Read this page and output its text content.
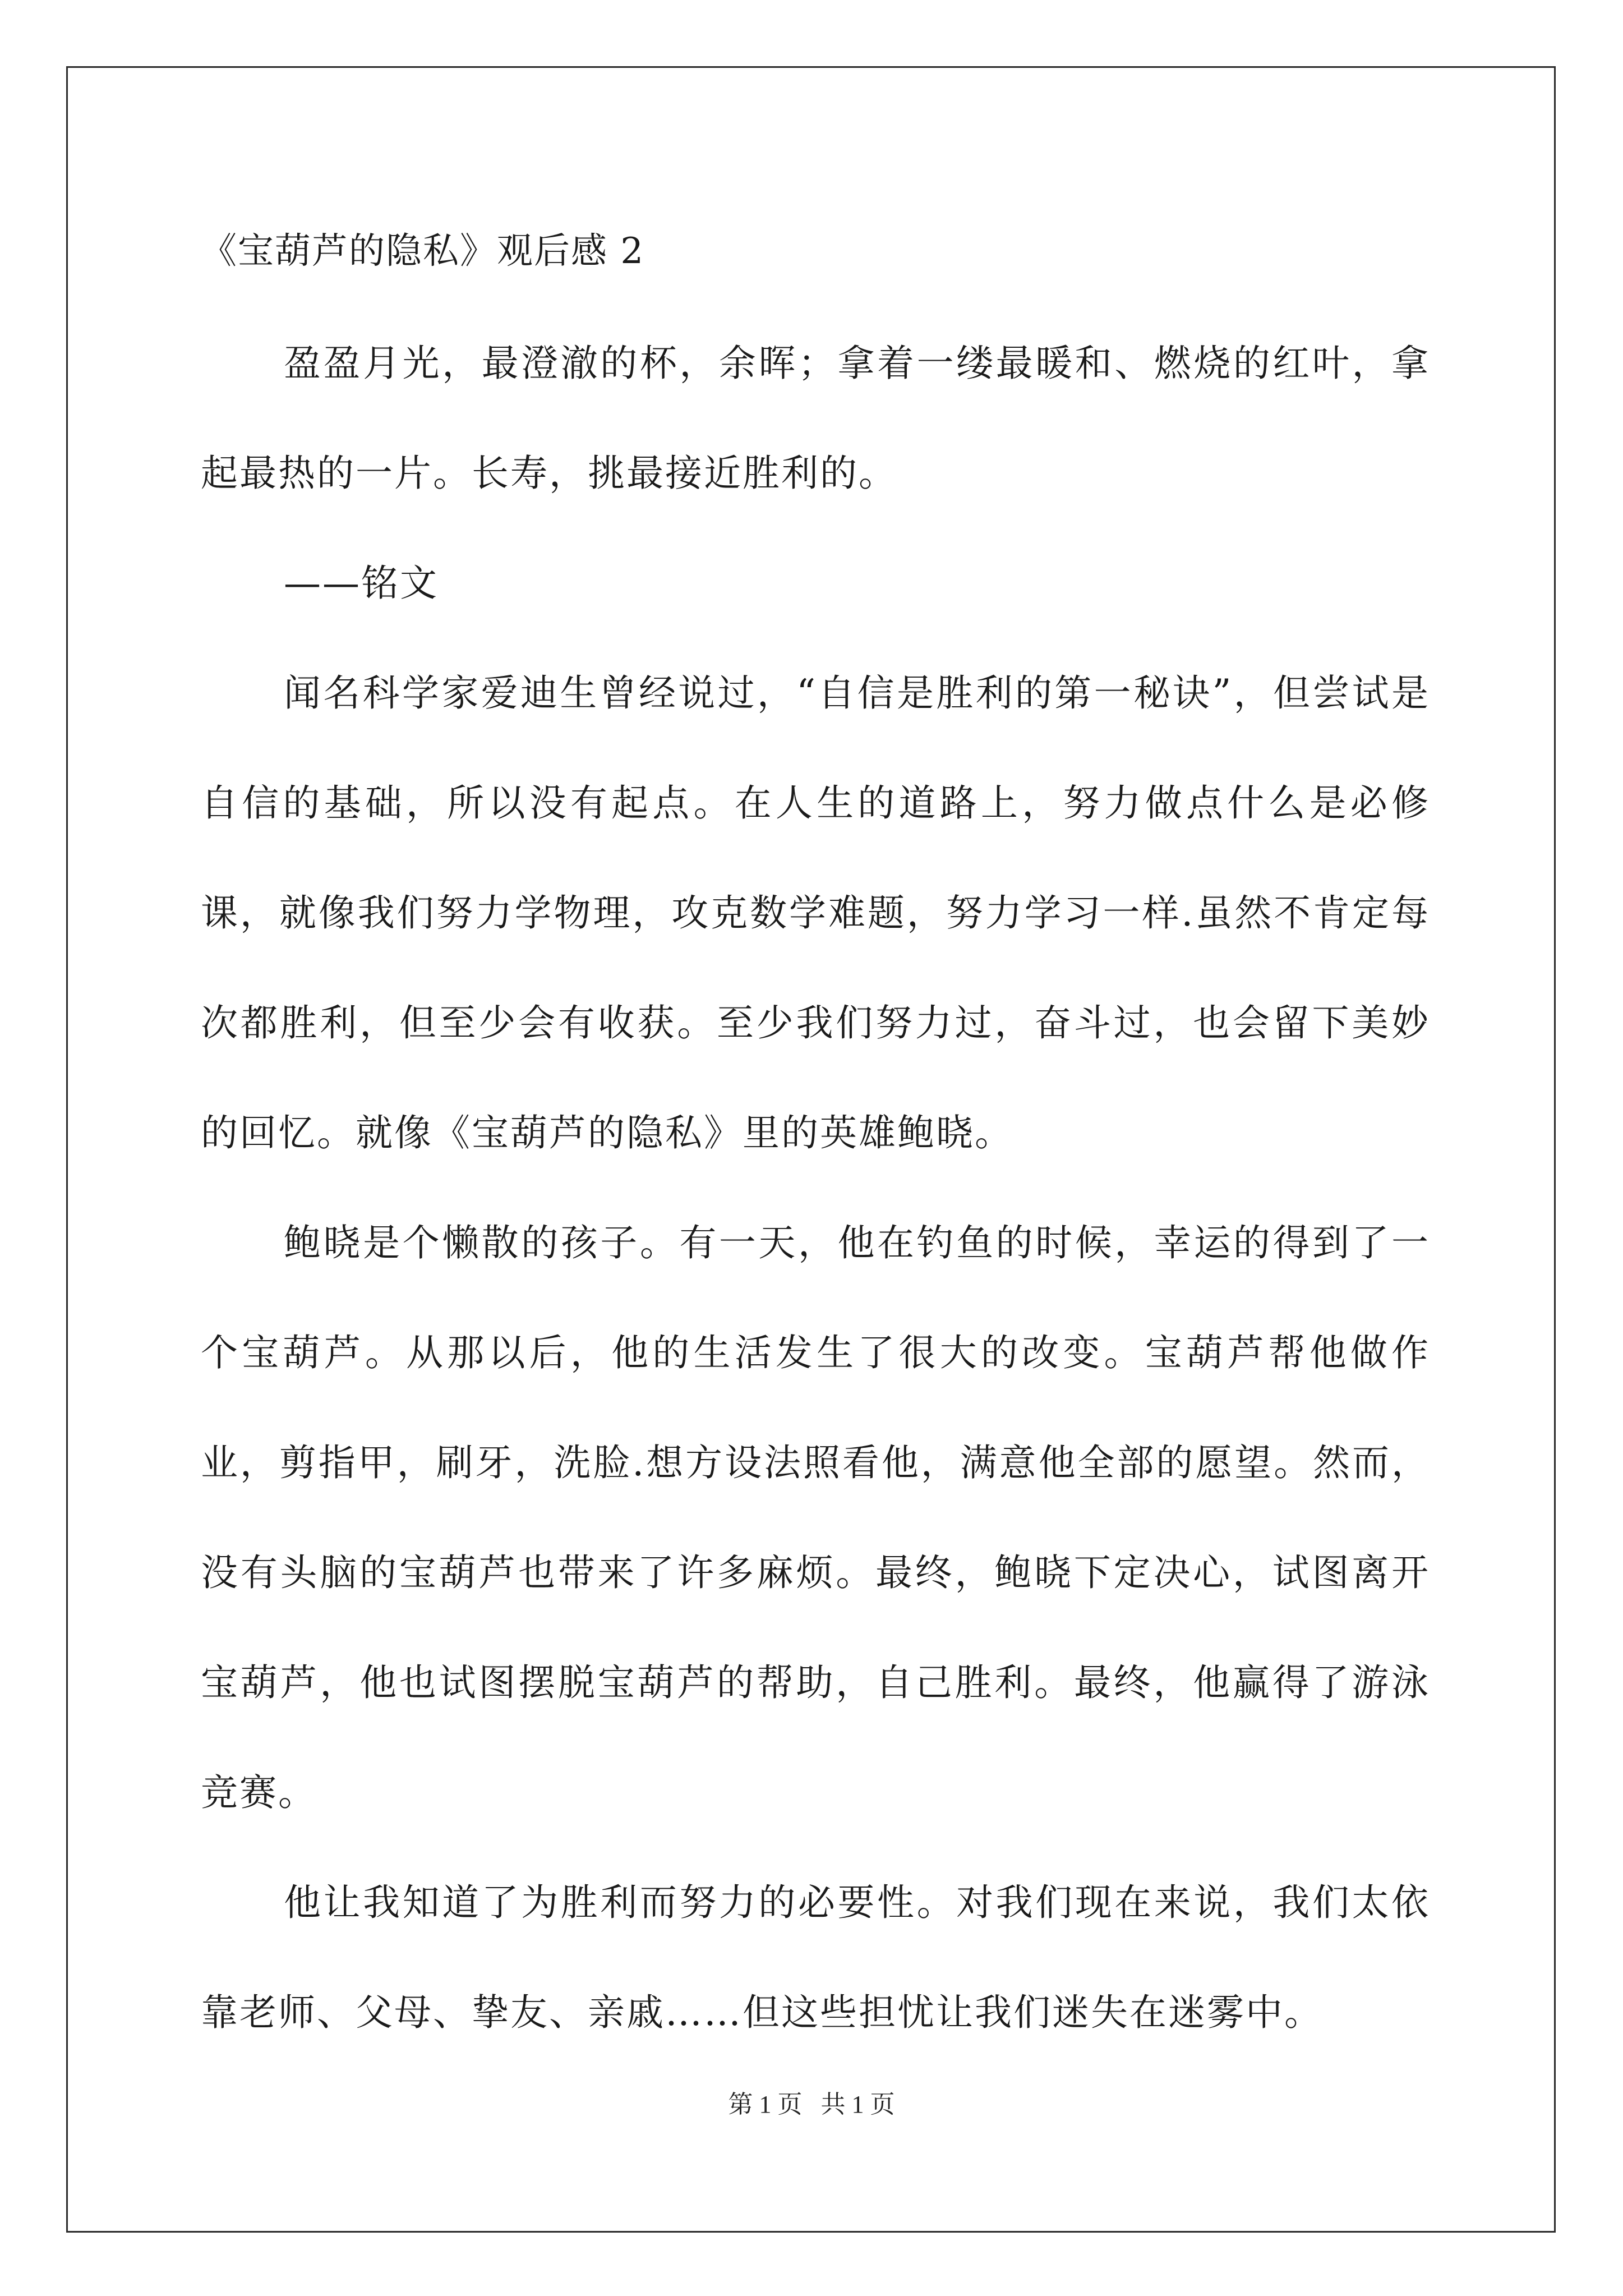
《宝葫芦的隐私》观后感 2

盈盈月光，最澄澈的杯，余晖；拿着一缕最暖和、燃烧的红叶，拿起最热的一片。长寿，挑最接近胜利的。

——铭文

闻名科学家爱迪生曾经说过，“自信是胜利的第一秘诀”，但尝试是自信的基础，所以没有起点。在人生的道路上，努力做点什么是必修课，就像我们努力学物理，攻克数学难题，努力学习一样.虽然不肯定每次都胜利，但至少会有收获。至少我们努力过，奋斗过，也会留下美妙的回忆。就像《宝葫芦的隐私》里的英雄鲍晓。

鲍晓是个懒散的孩子。有一天，他在钓鱼的时候，幸运的得到了一个宝葫芦。从那以后，他的生活发生了很大的改变。宝葫芦帮他做作业，剪指甲，刷牙，洗脸.想方设法照看他，满意他全部的愿望。然而，没有头脑的宝葫芦也带来了许多麻烦。最终，鲍晓下定决心，试图离开宝葫芦，他也试图摆脱宝葫芦的帮助，自己胜利。最终，他赢得了游泳竞赛。

他让我知道了为胜利而努力的必要性。对我们现在来说，我们太依靠老师、父母、挚友、亲戚……但这些担忧让我们迷失在迷雾中。

第 1 页 共 1 页
